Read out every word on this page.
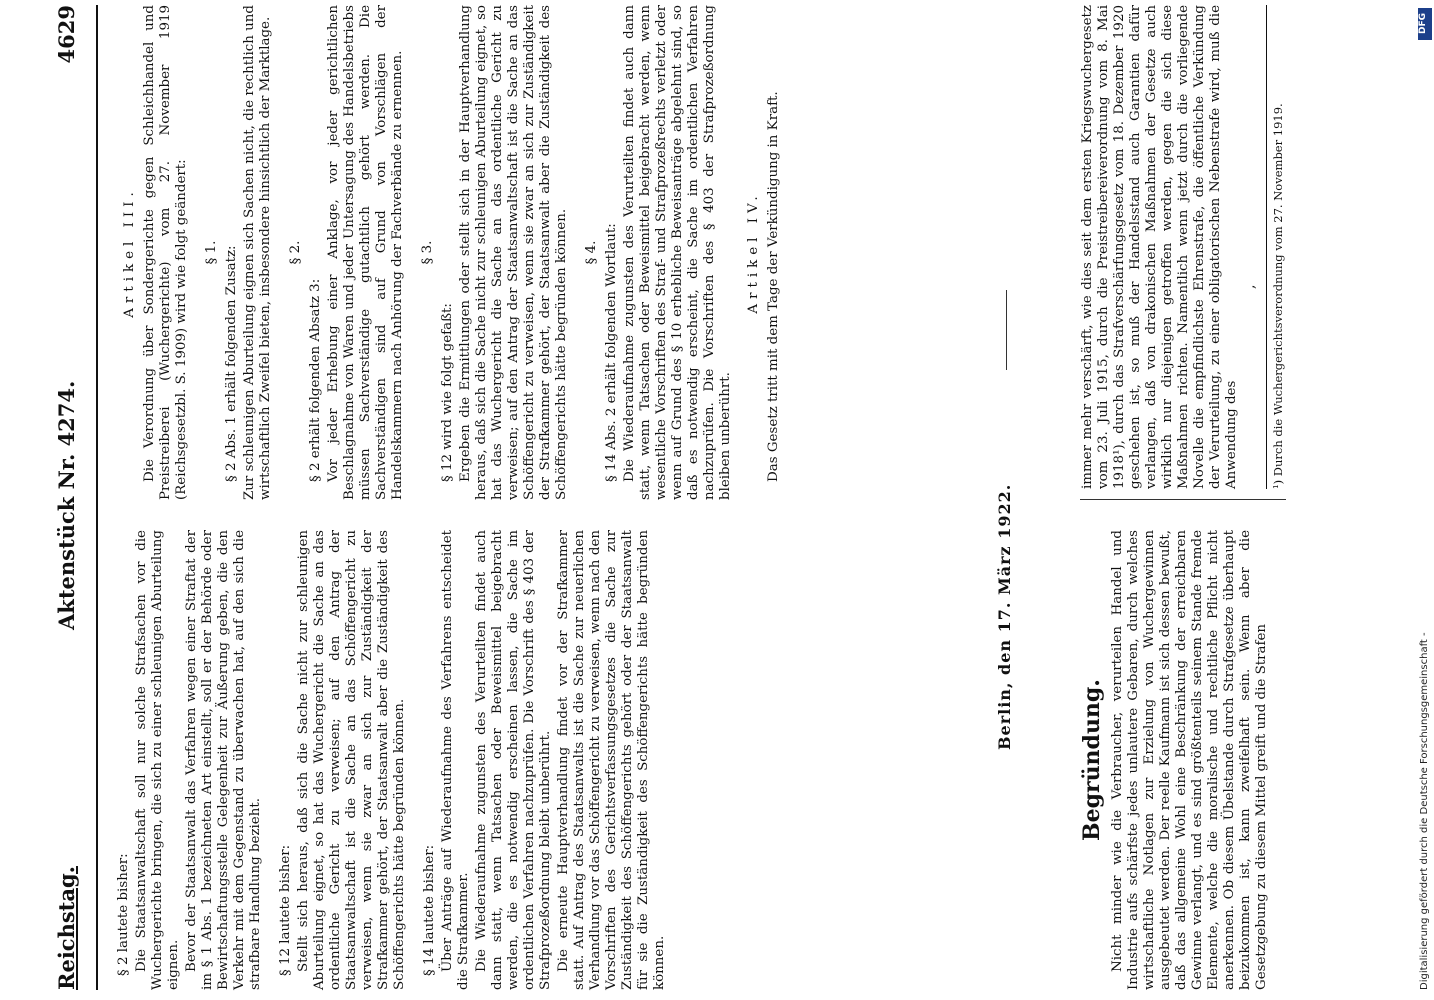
Reichstag.
Aktenstück Nr. 4274.
4629

§ 2 lautete bisher: Die Staatsanwaltschaft soll nur solche Strafsachen vor die Wuchergerichte bringen, die sich zu einer schleunigen Aburteilung eignen. Bevor der Staatsanwalt das Verfahren wegen einer Straftat der im § 1 Abs. 1 bezeichneten Art einstellt, soll er der Behörde oder Bewirtschaftungsstelle Gelegenheit zur Äußerung geben, die den Verkehr mit dem Gegenstand zu überwachen hat, auf den sich die strafbare Handlung bezieht. § 12 lautete bisher: Stellt sich heraus, daß sich die Sache nicht zur schleunigen Aburteilung eignet, so hat das Wuchergericht die Sache an das ordentliche Gericht zu verweisen; auf den Antrag der Staatsanwaltschaft ist die Sache an das Schöffengericht zu verweisen, wenn sie zwar an sich zur Zuständigkeit der Strafkammer gehört, der Staatsanwalt aber die Zuständigkeit des Schöffengerichts hätte begründen können. § 14 lautete bisher: Über Anträge auf Wiederaufnahme des Verfahrens entscheidet die Strafkammer. Die Wiederaufnahme zugunsten des Verurteilten findet auch dann statt, wenn Tatsachen oder Beweismittel beigebracht werden, die es notwendig erscheinen lassen, die Sache im ordentlichen Verfahren nachzuprüfen. Die Vorschrift des § 403 der Strafprozeßordnung bleibt unberührt. Die erneute Hauptverhandlung findet vor der Strafkammer statt. Auf Antrag des Staatsanwalts ist die Sache zur neuerlichen Verhandlung vor das Schöffengericht zu verweisen, wenn nach den Vorschriften des Gerichtsverfassungsgesetzes die Sache zur Zuständigkeit des Schöffengerichts gehört oder der Staatsanwalt für sie die Zuständigkeit des Schöffengerichts hätte begründen können.

Artikel III. Die Verordnung über Sondergerichte gegen Schleichhandel und Preistreiberei (Wuchergerichte) vom 27. November 1919 (Reichsgesetzbl. S. 1909) wird wie folgt geändert: § 1. § 2 Abs. 1 erhält folgenden Zusatz: Zur schleunigen Aburteilung eignen sich Sachen nicht, die rechtlich und wirtschaftlich Zweifel bieten, insbesondere hinsichtlich der Marktlage. § 2.

§ 2 erhält folgenden Absatz 3: Vor jeder Erhebung einer Anklage, vor jeder gerichtlichen Beschlagnahme von Waren und jeder Untersagung des Handelsbetriebs müssen Sachverständige gutachtlich gehört werden. Die Sachverständigen sind auf Grund von Vorschlägen der Handelskammern nach Anhörung der Fachverbände zu ernennen. § 3.

§ 12 wird wie folgt gefaßt: Ergeben die Ermittlungen oder stellt sich in der Hauptverhandlung heraus, daß sich die Sache nicht zur schleunigen Aburteilung eignet, so hat das Wuchergericht die Sache an das ordentliche Gericht zu verweisen; auf den Antrag der Staatsanwaltschaft ist die Sache an das Schöffengericht zu verweisen, wenn sie zwar an sich zur Zuständigkeit der Strafkammer gehört, der Staatsanwalt aber die Zuständigkeit des Schöffengerichts hätte begründen können. § 4. § 14 Abs. 2 erhält folgenden Wortlaut: Die Wiederaufnahme zugunsten des Verurteilten findet auch dann statt, wenn Tatsachen oder Beweismittel beigebracht werden, wenn wesentliche Vorschriften des Straf- und Strafprozeßrechts verletzt oder wenn auf Grund des § 10 erhebliche Beweisanträge abgelehnt sind, so daß es notwendig erscheint, die Sache im ordentlichen Verfahren nachzuprüfen. Die Vorschriften des § 403 der Strafprozeßordnung bleiben unberührt.

Artikel IV. Das Gesetz tritt mit dem Tage der Verkündigung in Kraft.

Berlin, den 17. März 1922.
Begründung. Nicht minder wie die Verbraucher, verurteilen Handel und Industrie aufs schärfste jedes unlautere Gebaren, durch welches wirtschaftliche Notlagen zur Erzielung von Wuchergewinnen ausgebeutet werden. Der reelle Kaufmann ist sich dessen bewußt, daß das allgemeine Wohl eine Beschränkung der erreichbaren Gewinne verlangt, und es sind größtenteils seinem Stande fremde Elemente, welche die moralische und rechtliche Pflicht nicht anerkennen. Ob diesem Übelstande durch Strafgesetze überhaupt beizukommen ist, kann zweifelhaft sein. Wenn aber die Gesetzgebung zu diesem Mittel greift und die Strafen

immer mehr verschärft, wie dies seit dem ersten Kriegswuchergesetz vom 23. Juli 1915, durch die Preistreibereiverordnung vom 8. Mai 1918¹), durch das Strafverschärfungsgesetz vom 18. Dezember 1920 geschehen ist, so muß der Handelsstand auch Garantien dafür verlangen, daß von drakonischen Maßnahmen der Gesetze auch wirklich nur diejenigen getroffen werden, gegen die sich diese Maßnahmen richten. Namentlich wenn jetzt durch die vorliegende Novelle die empfindlichste Ehrenstrafe, die öffentliche Verkündung der Verurteilung, zu einer obligatorischen Nebenstrafe wird, muß die Anwendung des

,	¹) Durch die Wuchergerichtsverordnung vom 27. November 1919.
DFG
Digitalisierung gefördert durch die Deutsche Forschungsgemeinschaft -
